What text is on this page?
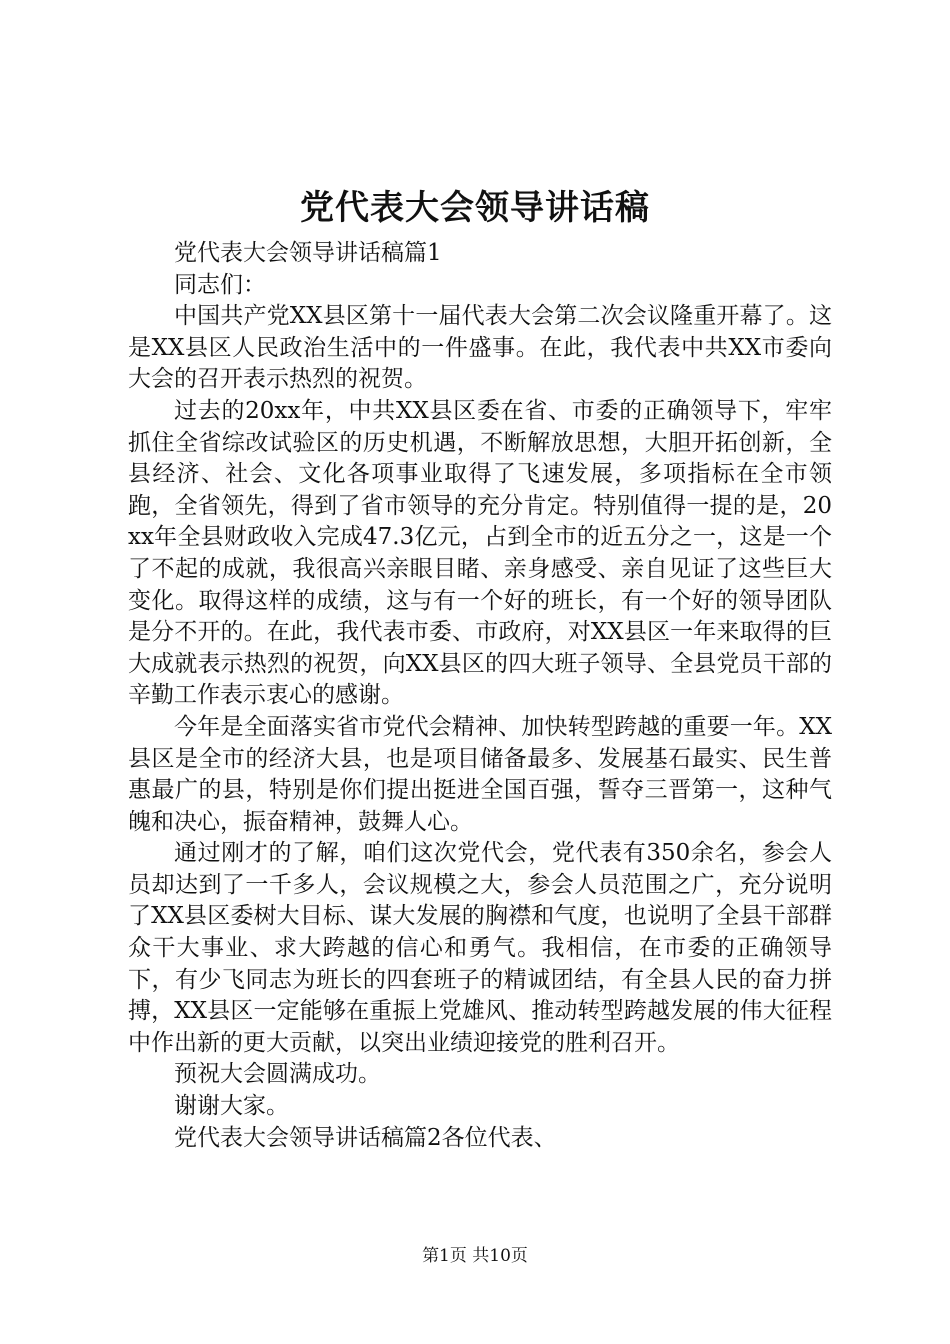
党代表大会领导讲话稿

党代表大会领导讲话稿篇1

同志们：

中国共产党XX县区第十一届代表大会第二次会议隆重开幕了。这是XX县区人民政治生活中的一件盛事。在此，我代表中共XX市委向大会的召开表示热烈的祝贺。

过去的20xx年，中共XX县区委在省、市委的正确领导下，牢牢抓住全省综改试验区的历史机遇，不断解放思想，大胆开拓创新，全县经济、社会、文化各项事业取得了飞速发展，多项指标在全市领跑，全省领先，得到了省市领导的充分肯定。特别值得一提的是，20xx年全县财政收入完成47.3亿元，占到全市的近五分之一，这是一个了不起的成就，我很高兴亲眼目睹、亲身感受、亲自见证了这些巨大变化。取得这样的成绩，这与有一个好的班长，有一个好的领导团队是分不开的。在此，我代表市委、市政府，对XX县区一年来取得的巨大成就表示热烈的祝贺，向XX县区的四大班子领导、全县党员干部的辛勤工作表示衷心的感谢。

今年是全面落实省市党代会精神、加快转型跨越的重要一年。XX县区是全市的经济大县，也是项目储备最多、发展基石最实、民生普惠最广的县，特别是你们提出挺进全国百强，誓夺三晋第一，这种气魄和决心，振奋精神，鼓舞人心。

通过刚才的了解，咱们这次党代会，党代表有350余名，参会人员却达到了一千多人，会议规模之大，参会人员范围之广，充分说明了XX县区委树大目标、谋大发展的胸襟和气度，也说明了全县干部群众干大事业、求大跨越的信心和勇气。我相信，在市委的正确领导下，有少飞同志为班长的四套班子的精诚团结，有全县人民的奋力拼搏，XX县区一定能够在重振上党雄风、推动转型跨越发展的伟大征程中作出新的更大贡献，以突出业绩迎接党的胜利召开。

预祝大会圆满成功。

谢谢大家。

党代表大会领导讲话稿篇2各位代表、

第1页 共10页
